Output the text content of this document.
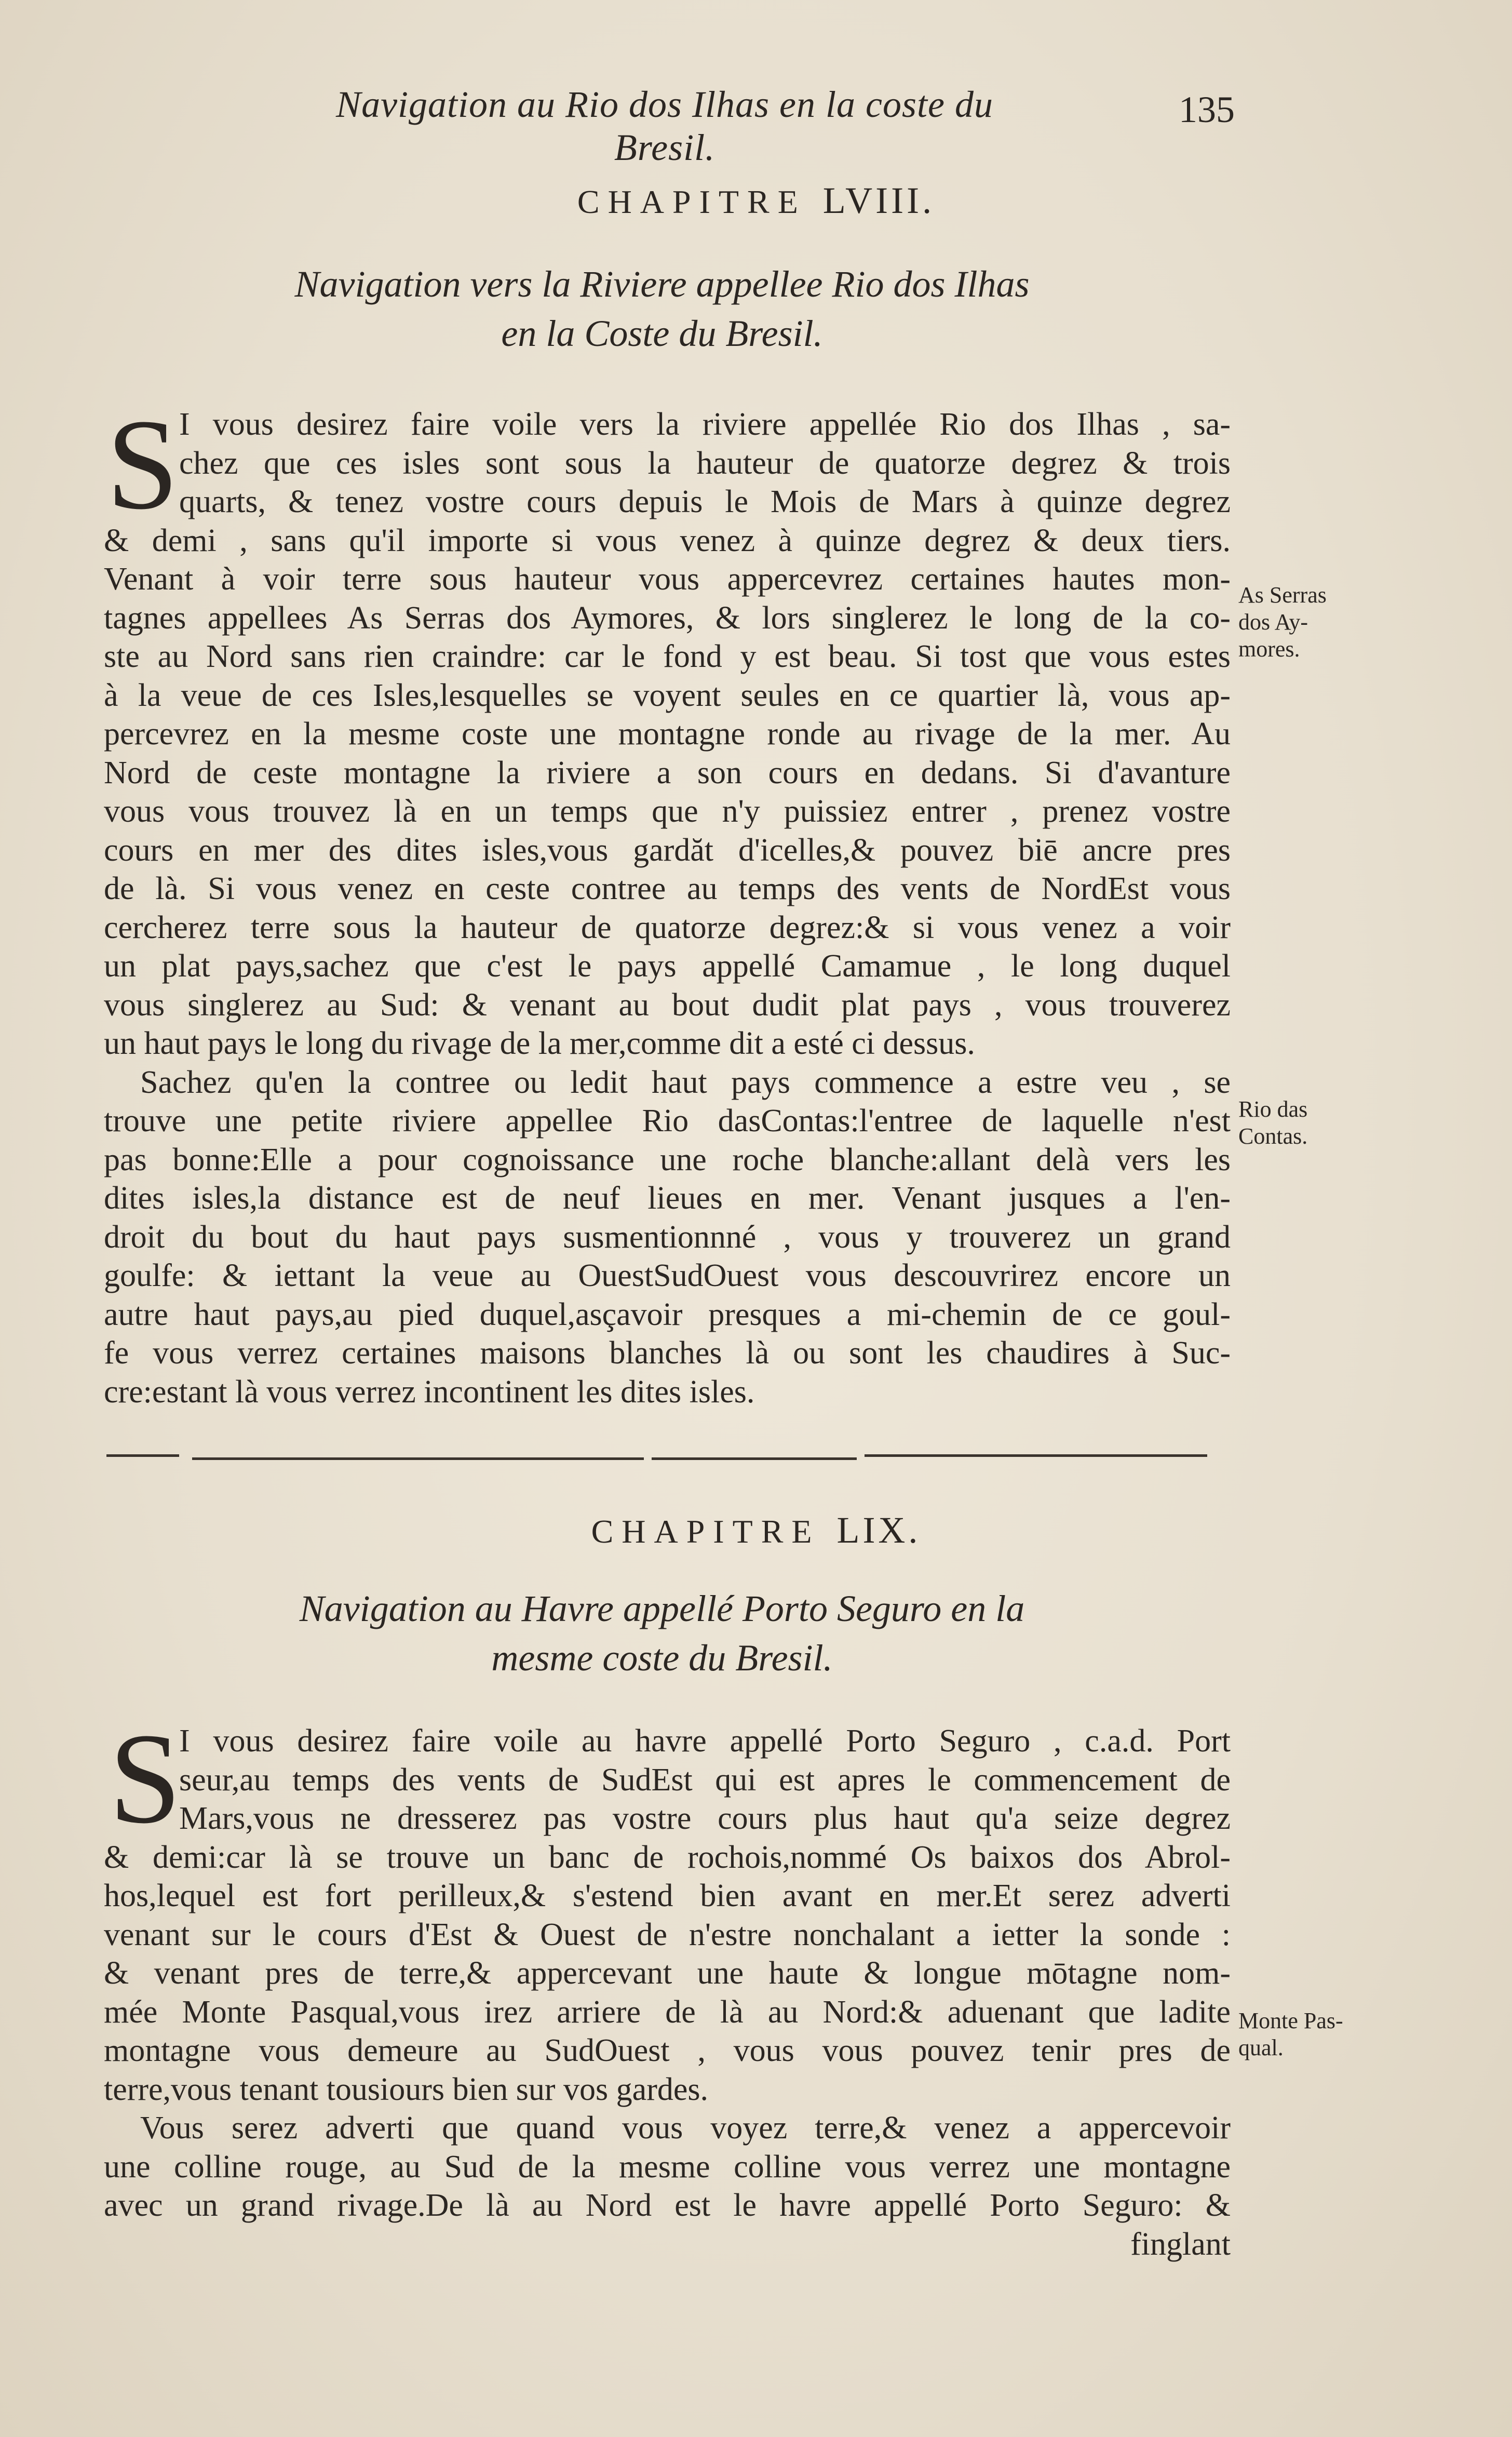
Navigation au Rio dos Ilhas en la coste du Bresil.
135
CHAPITRE LVIII.
Navigation vers la Riviere appellee Rio dos Ilhas
en la Coste du Bresil.
S I vous desirez faire voile vers la riviere appellée Rio dos Ilhas , sa-
chez que ces isles sont sous la hauteur de quatorze degrez & trois
quarts, & tenez vostre cours depuis le Mois de Mars à quinze degrez
& demi , sans qu'il importe si vous venez à quinze degrez & deux tiers.
Venant à voir terre sous hauteur vous appercevrez certaines hautes mon-
tagnes appellees As Serras dos Aymores, & lors singlerez le long de la co-
ste au Nord sans rien craindre: car le fond y est beau. Si tost que vous estes
à la veue de ces Isles,lesquelles se voyent seules en ce quartier là, vous ap-
percevrez en la mesme coste une montagne ronde au rivage de la mer. Au
Nord de ceste montagne la riviere a son cours en dedans. Si d'avanture
vous vous trouvez là en un temps que n'y puissiez entrer , prenez vostre
cours en mer des dites isles,vous gardăt d'icelles,& pouvez biē ancre pres
de là. Si vous venez en ceste contree au temps des vents de NordEst vous
cercherez terre sous la hauteur de quatorze degrez:& si vous venez a voir
un plat pays,sachez que c'est le pays appellé Camamue , le long duquel
vous singlerez au Sud: & venant au bout dudit plat pays , vous trouverez
un haut pays le long du rivage de la mer,comme dit a esté ci dessus.
Sachez qu'en la contree ou ledit haut pays commence a estre veu , se
trouve une petite riviere appellee Rio dasContas:l'entree de laquelle n'est
pas bonne:Elle a pour cognoissance une roche blanche:allant delà vers les
dites isles,la distance est de neuf lieues en mer. Venant jusques a l'en-
droit du bout du haut pays susmentionnné , vous y trouverez un grand
goulfe: & iettant la veue au OuestSudOuest vous descouvrirez encore un
autre haut pays,au pied duquel,asçavoir presques a mi-chemin de ce goul-
fe vous verrez certaines maisons blanches là ou sont les chaudires à Suc-
cre:estant là vous verrez incontinent les dites isles.
As Serras
dos Ay-
mores.
Rio das
Contas.
CHAPITRE LIX.
Navigation au Havre appellé Porto Seguro en la
mesme coste du Bresil.
S
I vous desirez faire voile au havre appellé Porto Seguro , c.a.d. Port
seur,au temps des vents de SudEst qui est apres le commencement de
Mars,vous ne dresserez pas vostre cours plus haut qu'a seize degrez
& demi:car là se trouve un banc de rochois,nommé Os baixos dos Abrol-
hos,lequel est fort perilleux,& s'estend bien avant en mer.Et serez adverti
venant sur le cours d'Est & Ouest de n'estre nonchalant a ietter la sonde :
& venant pres de terre,& appercevant une haute & longue mōtagne nom-
mée Monte Pasqual,vous irez arriere de là au Nord:& aduenant que ladite
montagne vous demeure au SudOuest , vous vous pouvez tenir pres de
terre,vous tenant tousiours bien sur vos gardes.
Vous serez adverti que quand vous voyez terre,& venez a appercevoir
une colline rouge, au Sud de la mesme colline vous verrez une montagne
avec un grand rivage.De là au Nord est le havre appellé Porto Seguro: &
finglant
Monte Pas-
qual.
